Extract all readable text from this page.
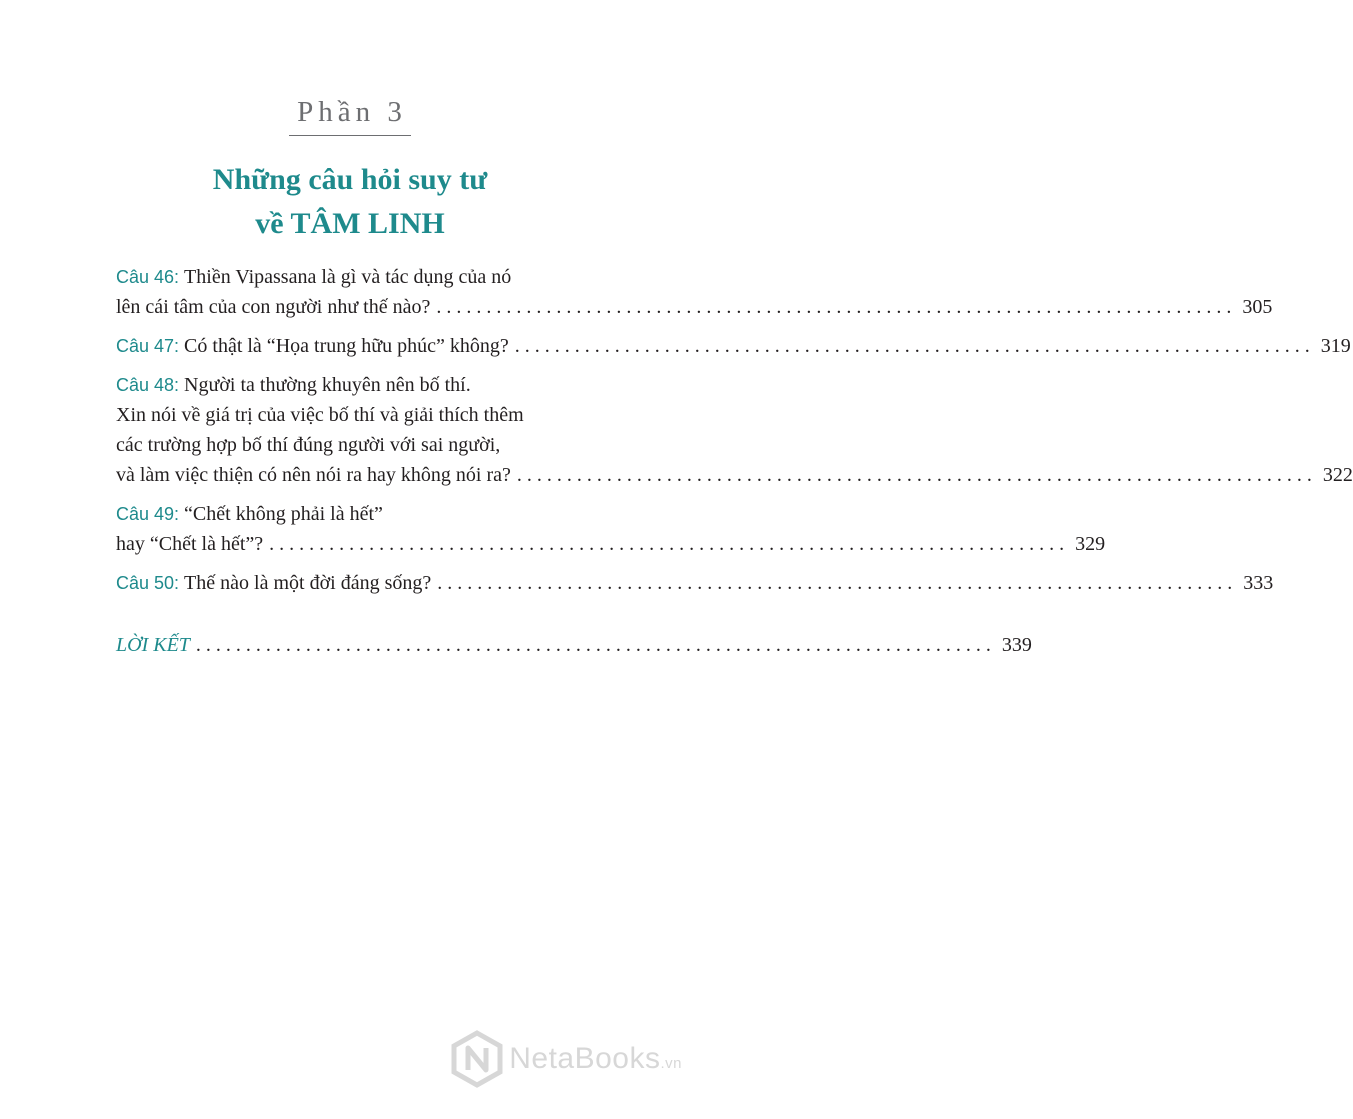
Phần 3
Những câu hỏi suy tư
về TÂM LINH
Câu 46: Thiền Vipassana là gì và tác dụng của nó
lên cái tâm của con người như thế nào? ................................................................................ 305
Câu 47: Có thật là “Họa trung hữu phúc” không? ................................................................................ 319
Câu 48: Người ta thường khuyên nên bố thí.
Xin nói về giá trị của việc bố thí và giải thích thêm
các trường hợp bố thí đúng người với sai người,
và làm việc thiện có nên nói ra hay không nói ra? ................................................................................ 322
Câu 49: “Chết không phải là hết”
hay “Chết là hết”? ................................................................................ 329
Câu 50: Thế nào là một đời đáng sống? ................................................................................ 333
LỜI KẾT ................................................................................ 339
NetaBooks.vn
